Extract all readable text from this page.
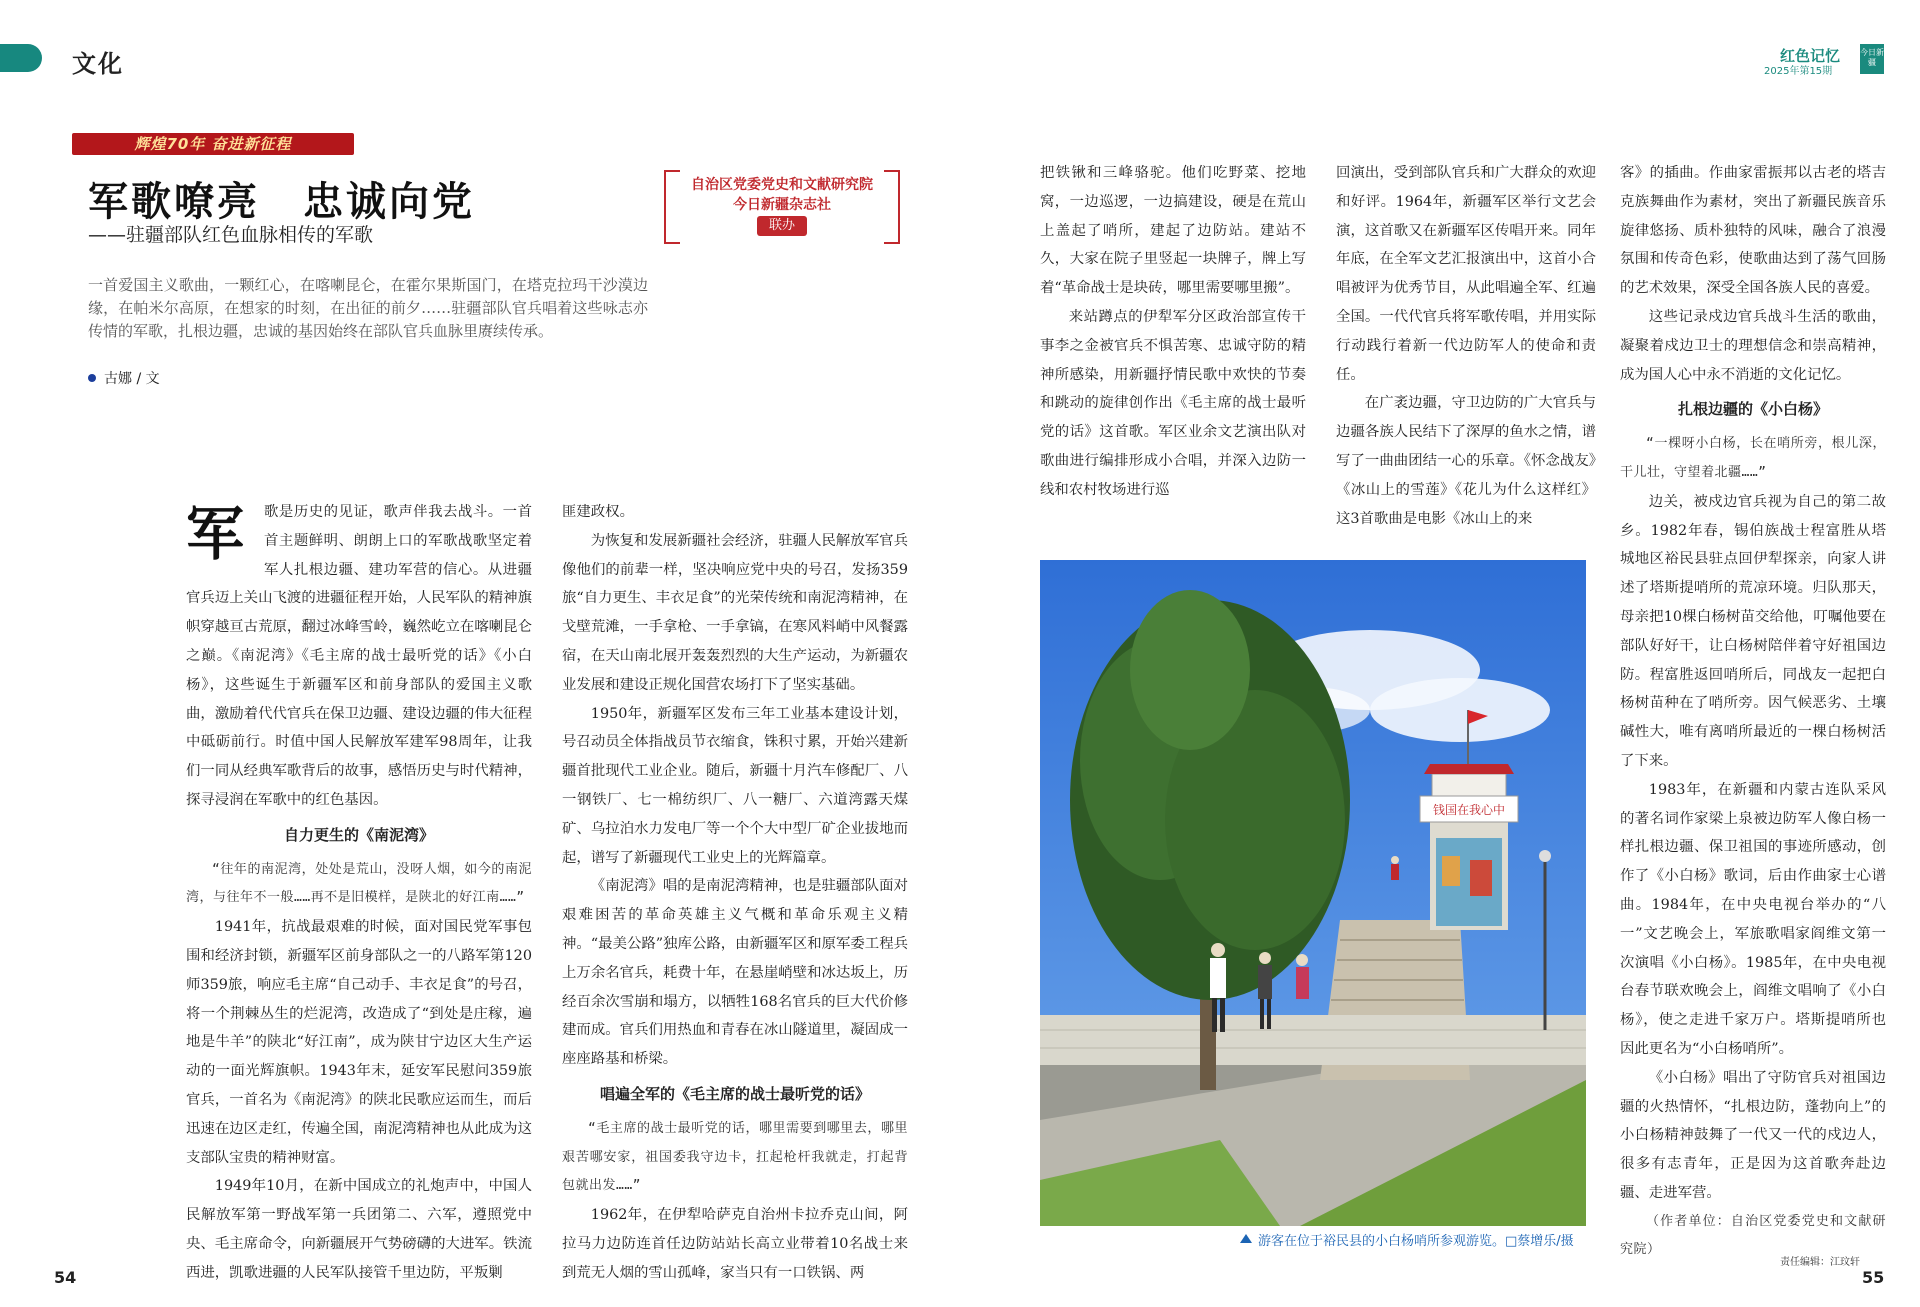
文化	红色记忆
2025年第15期
今日新疆
辉煌70年 奋进新征程
军歌嘹亮　忠诚向党
——驻疆部队红色血脉相传的军歌
自治区党委党史和文献研究院
今日新疆杂志社
联办
一首爱国主义歌曲，一颗红心，在喀喇昆仑，在霍尔果斯国门，在塔克拉玛干沙漠边缘，在帕米尔高原，在想家的时刻，在出征的前夕……驻疆部队官兵唱着这些咏志亦传情的军歌，扎根边疆，忠诚的基因始终在部队官兵血脉里赓续传承。
古娜 / 文

军	歌是历史的见证，歌声伴我去战斗。一首首主题鲜明、朗朗上口的军歌战歌坚定着军人扎根边疆、建功军营的信心。从进疆官兵迈上关山飞渡的进疆征程开始，人民军队的精神旗帜穿越亘古荒原，翻过冰峰雪岭，巍然屹立在喀喇昆仑之巅。《南泥湾》《毛主席的战士最听党的话》《小白杨》，这些诞生于新疆军区和前身部队的爱国主义歌曲，激励着代代官兵在保卫边疆、建设边疆的伟大征程中砥砺前行。时值中国人民解放军建军98周年，让我们一同从经典军歌背后的故事，感悟历史与时代精神，探寻浸润在军歌中的红色基因。

自力更生的《南泥湾》

“往年的南泥湾，处处是荒山，没呀人烟，如今的南泥湾，与往年不一般……再不是旧模样，是陕北的好江南……”

1941年，抗战最艰难的时候，面对国民党军事包围和经济封锁，新疆军区前身部队之一的八路军第120师359旅，响应毛主席“自己动手、丰衣足食”的号召，将一个荆棘丛生的烂泥湾，改造成了“到处是庄稼，遍地是牛羊”的陕北“好江南”，成为陕甘宁边区大生产运动的一面光辉旗帜。1943年末，延安军民慰问359旅官兵，一首名为《南泥湾》的陕北民歌应运而生，而后迅速在边区走红，传遍全国，南泥湾精神也从此成为这支部队宝贵的精神财富。

1949年10月，在新中国成立的礼炮声中，中国人民解放军第一野战军第一兵团第二、六军，遵照党中央、毛主席命令，向新疆展开气势磅礴的大进军。铁流西进，凯歌进疆的人民军队接管千里边防，平叛剿

匪建政权。

为恢复和发展新疆社会经济，驻疆人民解放军官兵像他们的前辈一样，坚决响应党中央的号召，发扬359旅“自力更生、丰衣足食”的光荣传统和南泥湾精神，在戈壁荒滩，一手拿枪、一手拿镐，在寒风料峭中风餐露宿，在天山南北展开轰轰烈烈的大生产运动，为新疆农业发展和建设正规化国营农场打下了坚实基础。

1950年，新疆军区发布三年工业基本建设计划，号召动员全体指战员节衣缩食，铢积寸累，开始兴建新疆首批现代工业企业。随后，新疆十月汽车修配厂、八一钢铁厂、七一棉纺织厂、八一糖厂、六道湾露天煤矿、乌拉泊水力发电厂等一个个大中型厂矿企业拔地而起，谱写了新疆现代工业史上的光辉篇章。

《南泥湾》唱的是南泥湾精神，也是驻疆部队面对艰难困苦的革命英雄主义气概和革命乐观主义精神。“最美公路”独库公路，由新疆军区和原军委工程兵上万余名官兵，耗费十年，在悬崖峭壁和冰达坂上，历经百余次雪崩和塌方，以牺牲168名官兵的巨大代价修建而成。官兵们用热血和青春在冰山隧道里，凝固成一座座路基和桥梁。

唱遍全军的《毛主席的战士最听党的话》

“毛主席的战士最听党的话，哪里需要到哪里去，哪里艰苦哪安家，祖国委我守边卡，扛起枪杆我就走，打起背包就出发……”

1962年，在伊犁哈萨克自治州卡拉乔克山间，阿拉马力边防连首任边防站站长高立业带着10名战士来到荒无人烟的雪山孤峰，家当只有一口铁锅、两

把铁锹和三峰骆驼。他们吃野菜、挖地窝，一边巡逻，一边搞建设，硬是在荒山上盖起了哨所，建起了边防站。建站不久，大家在院子里竖起一块牌子，牌上写着“革命战士是块砖，哪里需要哪里搬”。

来站蹲点的伊犁军分区政治部宣传干事李之金被官兵不惧苦寒、忠诚守防的精神所感染，用新疆抒情民歌中欢快的节奏和跳动的旋律创作出《毛主席的战士最听党的话》这首歌。军区业余文艺演出队对歌曲进行编排形成小合唱，并深入边防一线和农村牧场进行巡

回演出，受到部队官兵和广大群众的欢迎和好评。1964年，新疆军区举行文艺会演，这首歌又在新疆军区传唱开来。同年年底，在全军文艺汇报演出中，这首小合唱被评为优秀节目，从此唱遍全军、红遍全国。一代代官兵将军歌传唱，并用实际行动践行着新一代边防军人的使命和责任。

在广袤边疆，守卫边防的广大官兵与边疆各族人民结下了深厚的鱼水之情，谱写了一曲曲团结一心的乐章。《怀念战友》《冰山上的雪莲》《花儿为什么这样红》这3首歌曲是电影《冰山上的来

客》的插曲。作曲家雷振邦以古老的塔吉克族舞曲作为素材，突出了新疆民族音乐旋律悠扬、质朴独特的风味，融合了浪漫氛围和传奇色彩，使歌曲达到了荡气回肠的艺术效果，深受全国各族人民的喜爱。

这些记录戍边官兵战斗生活的歌曲，凝聚着戍边卫士的理想信念和崇高精神，成为国人心中永不消逝的文化记忆。

扎根边疆的《小白杨》

“一棵呀小白杨，长在哨所旁，根儿深，干儿壮，守望着北疆……”

边关，被戍边官兵视为自己的第二故乡。1982年春，锡伯族战士程富胜从塔城地区裕民县驻点回伊犁探亲，向家人讲述了塔斯提哨所的荒凉环境。归队那天，母亲把10棵白杨树苗交给他，叮嘱他要在部队好好干，让白杨树陪伴着守好祖国边防。程富胜返回哨所后，同战友一起把白杨树苗种在了哨所旁。因气候恶劣、土壤碱性大，唯有离哨所最近的一棵白杨树活了下来。

1983年，在新疆和内蒙古连队采风的著名词作家梁上泉被边防军人像白杨一样扎根边疆、保卫祖国的事迹所感动，创作了《小白杨》歌词，后由作曲家士心谱曲。1984年，在中央电视台举办的“八一”文艺晚会上，军旅歌唱家阎维文第一次演唱《小白杨》。1985年，在中央电视台春节联欢晚会上，阎维文唱响了《小白杨》，使之走进千家万户。塔斯提哨所也因此更名为“小白杨哨所”。

《小白杨》唱出了守防官兵对祖国边疆的火热情怀，“扎根边防，蓬勃向上”的小白杨精神鼓舞了一代又一代的戍边人，很多有志青年，正是因为这首歌奔赴边疆、走进军营。

（作者单位：自治区党委党史和文献研究院）

钱国在我心中
游客在位于裕民县的小白杨哨所参观游览。□蔡增乐/摄
54	55
责任编辑：江玟轩
